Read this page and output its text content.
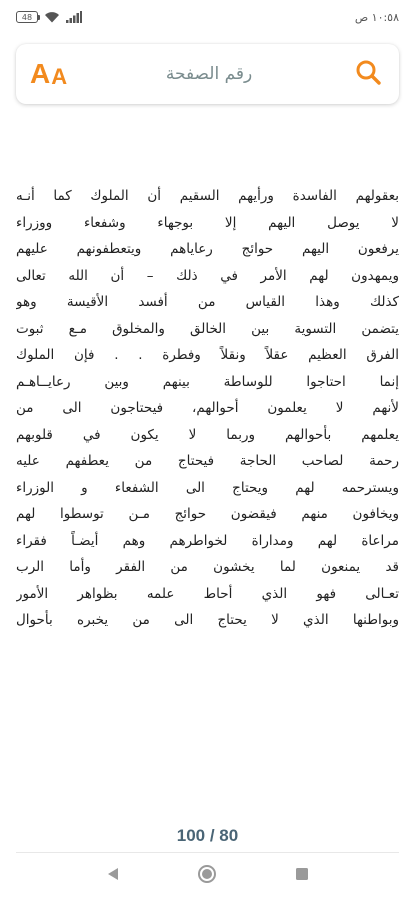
48	١٠:٥٨ ص
A A
رقم الصفحة
بعقولهم الفاسدة ورأيهم السقيم أن الملوك كما أنـه
لا يوصل اليهم إلا بوجهاء وشفعاء ووزراء
يرفعون اليهم حوائج رعاياهم ويتعطفونهم عليهم
ويمهدون لهم الأمر في ذلك – أن الله تعالى
كذلك وهذا القياس من أفسد الأقيسة وهو
يتضمن التسوية بين الخالق والمخلوق مـع ثبوت
الفرق العظيم عقلاً ونقلاً وفطرة . . فإن الملوك
إنما احتاجوا للوساطة بينهم وبين رعايــاهـم
لأنهم لا يعلمون أحوالهم، فيحتاجون الى من
يعلمهم بأحوالهم وربما لا يكون في قلوبهم
رحمة لصاحب الحاجة فيحتاج من يعطفهم عليه
ويسترحمه لهم ويحتاج الى الشفعاء و الوزراء
ويخافون منهم فيقضون حوائج مـن توسطوا لهم
مراعاة لهم ومداراة لخواطرهم وهم أيضـاً فقراء
قد يمنعون لما يخشون من الفقر وأما الرب
تعـالى فهو الذي أحاط علمه بظواهر الأمور
وبواطنها الذي لا يحتاج الى من يخبره بأحوال
100 / 80
